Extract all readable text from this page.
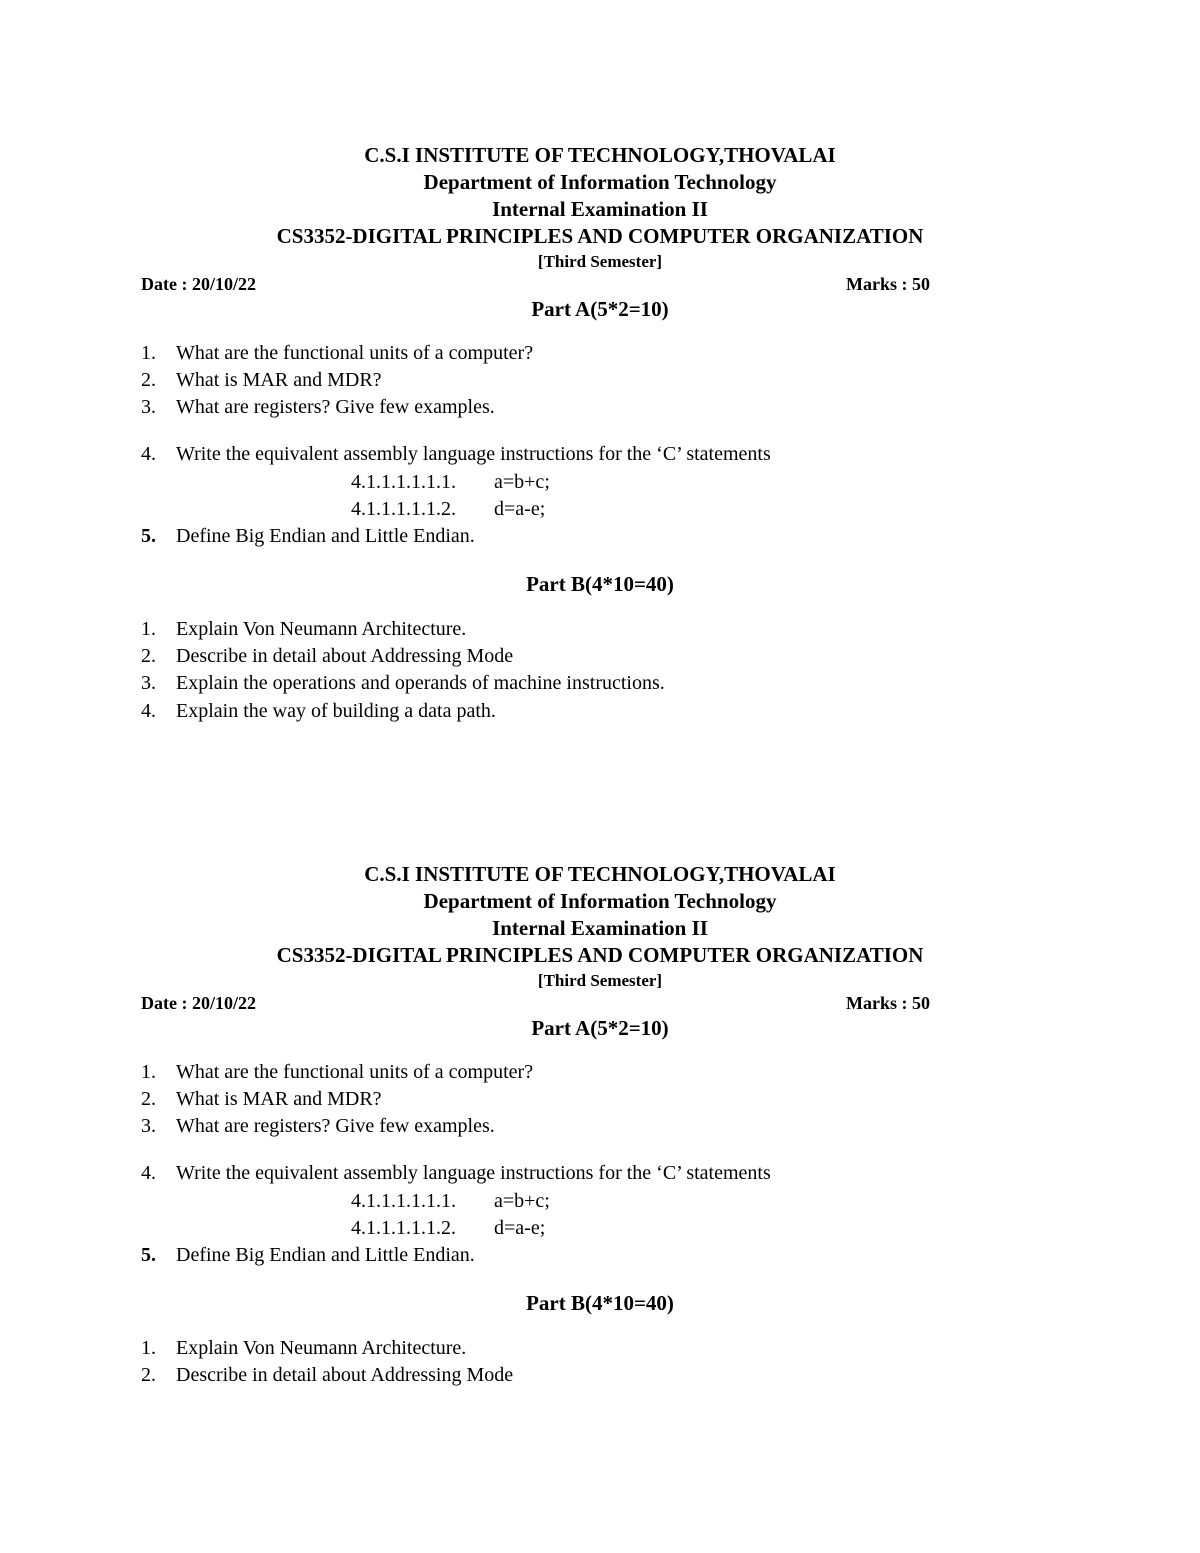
C.S.I INSTITUTE OF TECHNOLOGY,THOVALAI
Department of Information Technology
Internal Examination II
CS3352-DIGITAL PRINCIPLES AND COMPUTER ORGANIZATION
[Third Semester]
Date : 20/10/22	Marks : 50
Part A(5*2=10)
1. What are the functional units of a computer?
2. What is MAR and MDR?
3. What are registers? Give few examples.
4. Write the equivalent assembly language instructions for the ‘C’ statements
4.1.1.1.1.1.1. a=b+c;
4.1.1.1.1.1.2. d=a-e;
5. Define Big Endian and Little Endian.
Part B(4*10=40)
1. Explain Von Neumann Architecture.
2. Describe in detail about Addressing Mode
3. Explain the operations and operands of machine instructions.
4. Explain the way of building a data path.
C.S.I INSTITUTE OF TECHNOLOGY,THOVALAI
Department of Information Technology
Internal Examination II
CS3352-DIGITAL PRINCIPLES AND COMPUTER ORGANIZATION
[Third Semester]
Date : 20/10/22	Marks : 50
Part A(5*2=10)
1. What are the functional units of a computer?
2. What is MAR and MDR?
3. What are registers? Give few examples.
4. Write the equivalent assembly language instructions for the ‘C’ statements
4.1.1.1.1.1.1. a=b+c;
4.1.1.1.1.1.2. d=a-e;
5. Define Big Endian and Little Endian.
Part B(4*10=40)
1. Explain Von Neumann Architecture.
2. Describe in detail about Addressing Mode
